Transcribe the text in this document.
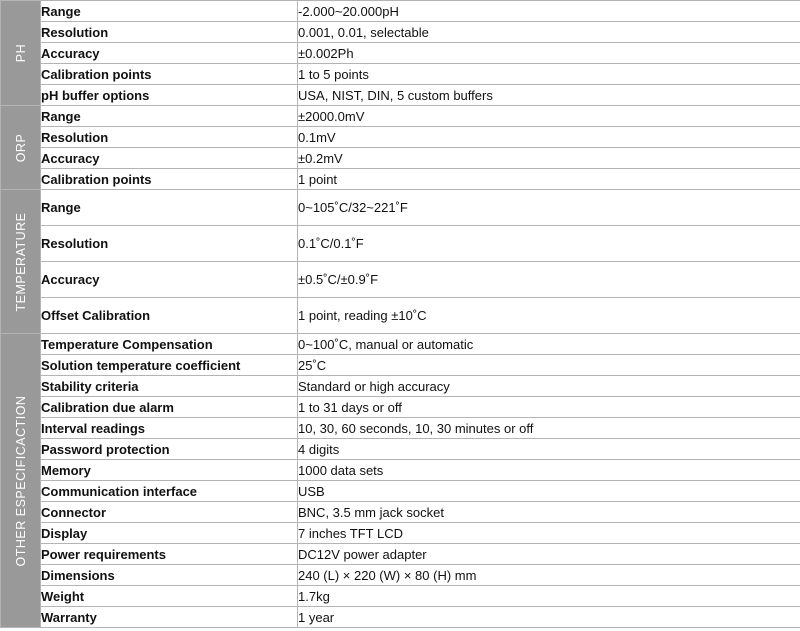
PH	Range	-2.000~20.000pH
	Resolution	0.001, 0.01, selectable
	Accuracy	±0.002Ph
	Calibration points	1 to 5 points
	pH buffer options	USA, NIST, DIN, 5 custom buffers

ORP	Range	±2000.0mV
	Resolution	0.1mV
	Accuracy	±0.2mV
	Calibration points	1 point

TEMPERATURE	Range	0~105˚C/32~221˚F
	Resolution	0.1˚C/0.1˚F
	Accuracy	±0.5˚C/±0.9˚F
	Offset Calibration	1 point, reading ±10˚C

OTHER ESPECIFICACTION	Temperature Compensation	0~100˚C, manual or automatic
	Solution temperature coefficient	25˚C
	Stability criteria	Standard or high accuracy
	Calibration due alarm	1 to 31 days or off
	Interval readings	10, 30, 60 seconds, 10, 30 minutes or off
	Password protection	4 digits
	Memory	1000 data sets
	Communication interface	USB
	Connector	BNC, 3.5 mm jack socket
	Display	7 inches TFT LCD
	Power requirements	DC12V power adapter
	Dimensions	240 (L) × 220 (W) × 80 (H) mm
	Weight	1.7kg
	Warranty	1 year
